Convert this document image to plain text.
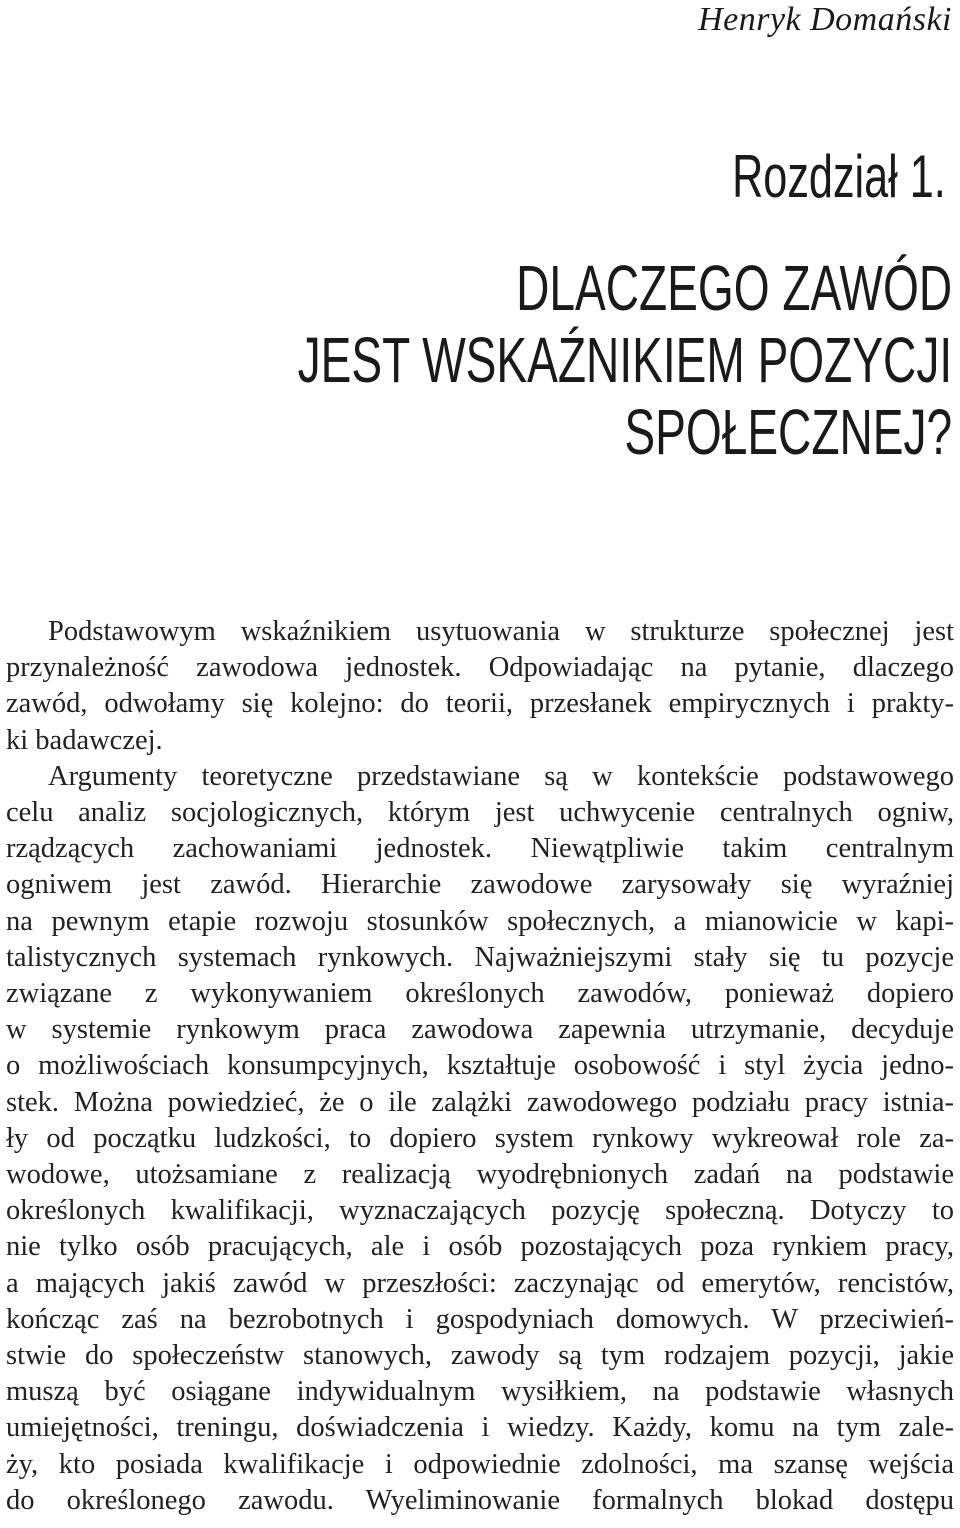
Henryk Domański
Rozdział 1.
DLACZEGO ZAWÓD
JEST WSKAŹNIKIEM POZYCJI
SPOŁECZNEJ?

Podstawowym wskaźnikiem usytuowania w strukturze społecznej jest
przynależność zawodowa jednostek. Odpowiadając na pytanie, dlaczego
zawód, odwołamy się kolejno: do teorii, przesłanek empirycznych i prakty-
ki badawczej.

Argumenty teoretyczne przedstawiane są w kontekście podstawowego
celu analiz socjologicznych, którym jest uchwycenie centralnych ogniw,
rządzących zachowaniami jednostek. Niewątpliwie takim centralnym
ogniwem jest zawód. Hierarchie zawodowe zarysowały się wyraźniej
na pewnym etapie rozwoju stosunków społecznych, a mianowicie w kapi-
talistycznych systemach rynkowych. Najważniejszymi stały się tu pozycje
związane z wykonywaniem określonych zawodów, ponieważ dopiero
w systemie rynkowym praca zawodowa zapewnia utrzymanie, decyduje
o możliwościach konsumpcyjnych, kształtuje osobowość i styl życia jedno-
stek. Można powiedzieć, że o ile zalążki zawodowego podziału pracy istnia-
ły od początku ludzkości, to dopiero system rynkowy wykreował role za-
wodowe, utożsamiane z realizacją wyodrębnionych zadań na podstawie
określonych kwalifikacji, wyznaczających pozycję społeczną. Dotyczy to
nie tylko osób pracujących, ale i osób pozostających poza rynkiem pracy,
a mających jakiś zawód w przeszłości: zaczynając od emerytów, rencistów,
kończąc zaś na bezrobotnych i gospodyniach domowych. W przeciwień-
stwie do społeczeństw stanowych, zawody są tym rodzajem pozycji, jakie
muszą być osiągane indywidualnym wysiłkiem, na podstawie własnych
umiejętności, treningu, doświadczenia i wiedzy. Każdy, komu na tym zale-
ży, kto posiada kwalifikacje i odpowiednie zdolności, ma szansę wejścia
do określonego zawodu. Wyeliminowanie formalnych blokad dostępu
